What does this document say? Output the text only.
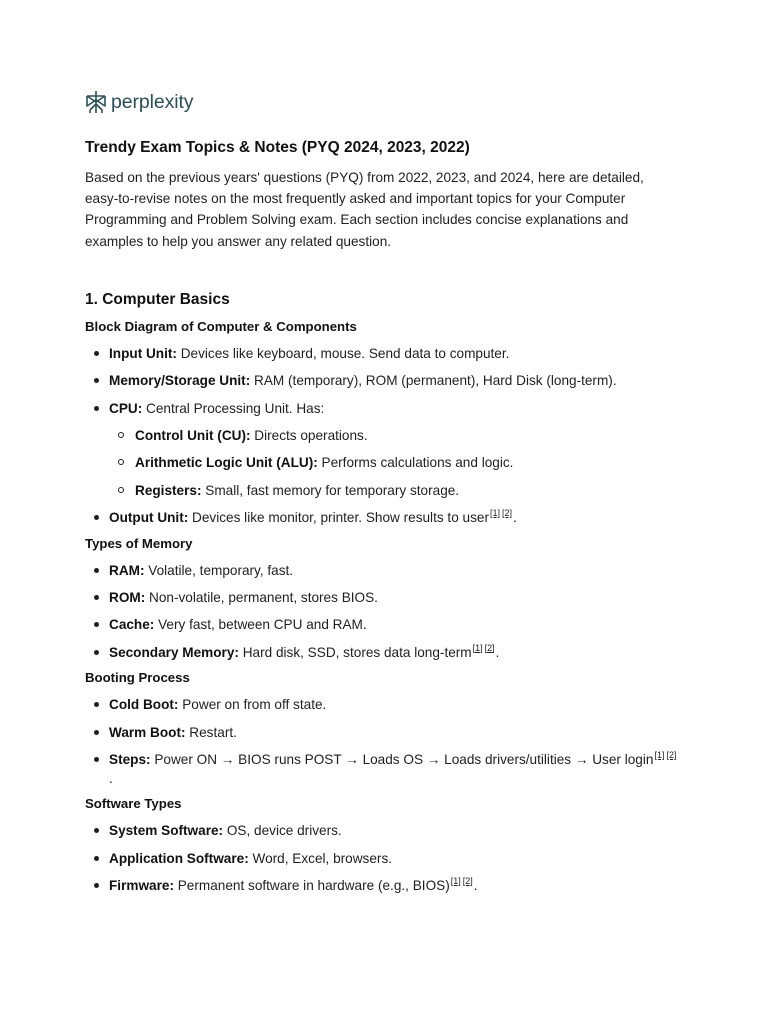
perplexity
Trendy Exam Topics & Notes (PYQ 2024, 2023, 2022)
Based on the previous years' questions (PYQ) from 2022, 2023, and 2024, here are detailed, easy-to-revise notes on the most frequently asked and important topics for your Computer Programming and Problem Solving exam. Each section includes concise explanations and examples to help you answer any related question.
1. Computer Basics
Block Diagram of Computer & Components
Input Unit: Devices like keyboard, mouse. Send data to computer.
Memory/Storage Unit: RAM (temporary), ROM (permanent), Hard Disk (long-term).
CPU: Central Processing Unit. Has:
Control Unit (CU): Directs operations.
Arithmetic Logic Unit (ALU): Performs calculations and logic.
Registers: Small, fast memory for temporary storage.
Output Unit: Devices like monitor, printer. Show results to user[1] [2].
Types of Memory
RAM: Volatile, temporary, fast.
ROM: Non-volatile, permanent, stores BIOS.
Cache: Very fast, between CPU and RAM.
Secondary Memory: Hard disk, SSD, stores data long-term[1] [2].
Booting Process
Cold Boot: Power on from off state.
Warm Boot: Restart.
Steps: Power ON → BIOS runs POST → Loads OS → Loads drivers/utilities → User login[1] [2].
Software Types
System Software: OS, device drivers.
Application Software: Word, Excel, browsers.
Firmware: Permanent software in hardware (e.g., BIOS)[1] [2].
